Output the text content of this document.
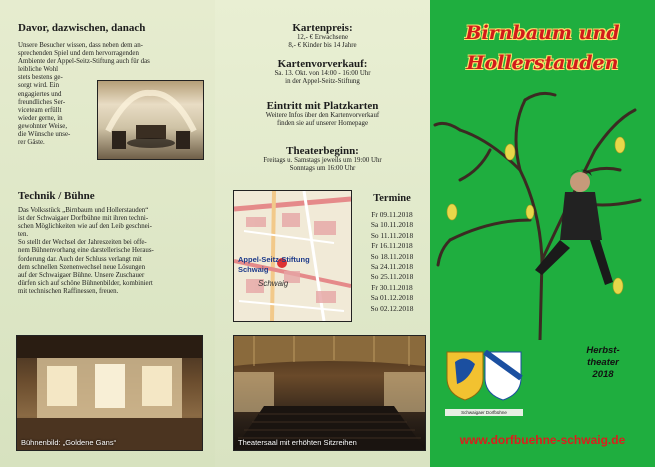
Davor, dazwischen, danach

Unsere Besucher wissen, dass neben dem an-

sprechenden Spiel und dem hervorragenden

Ambiente der Appel-Seitz-Stiftung auch für das

leibliche Wohl

stets bestens ge-

sorgt wird. Ein

engagiertes und

freundliches Ser-

viceteam erfüllt

wieder gerne, in

gewohnter Weise,

die Wünsche unse-

rer Gäste.

Technik / Bühne

Das Volksstück „Birnbaum und Hollerstauden“

ist der Schwaigaer Dorfbühne mit ihren techni-

schen Möglichkeiten wie auf den Leib geschnei-

ten.

So stellt der Wechsel der Jahreszeiten bei offe-

nem Bühnenvorhang eine darstellerische Heraus-

forderung dar. Auch der Schluss verlangt mit

dem schnellen Szenenwechsel neue Lösungen

auf der Schwaigaer Bühne. Unsere Zuschauer

dürfen sich auf schöne Bühnenbilder, kombiniert

mit technischen Raffinessen, freuen.

Bühnenbild: „Goldene Gans“
Kartenpreis:

12,- € Erwachsene

8,- € Kinder bis 14 Jahre

Kartenvorverkauf:

Sa. 13. Okt. von 14:00 - 16:00 Uhr

in der Appel-Seitz-Stiftung

Eintritt mit Platzkarten

Weitere Infos über den Kartenvorverkauf

finden sie auf unserer Homepage

Theaterbeginn:

Freitags u. Samstags jeweils um 19:00 Uhr

Sonntags um 16:00 Uhr

Appel-Seitz-Stiftung
Schwaig
Schwaig
Termine

Fr 09.11.2018

Sa 10.11.2018

So 11.11.2018

Fr 16.11.2018

So 18.11.2018

Sa 24.11.2018

So 25.11.2018

Fr 30.11.2018

Sa 01.12.2018

So 02.12.2018

Theatersaal mit erhöhten Sitzreihen
Birnbaum und
Hollerstauden
Schwaigaer Dorfbühne
Herbst-
theater
2018
www.dorfbuehne-schwaig.de
